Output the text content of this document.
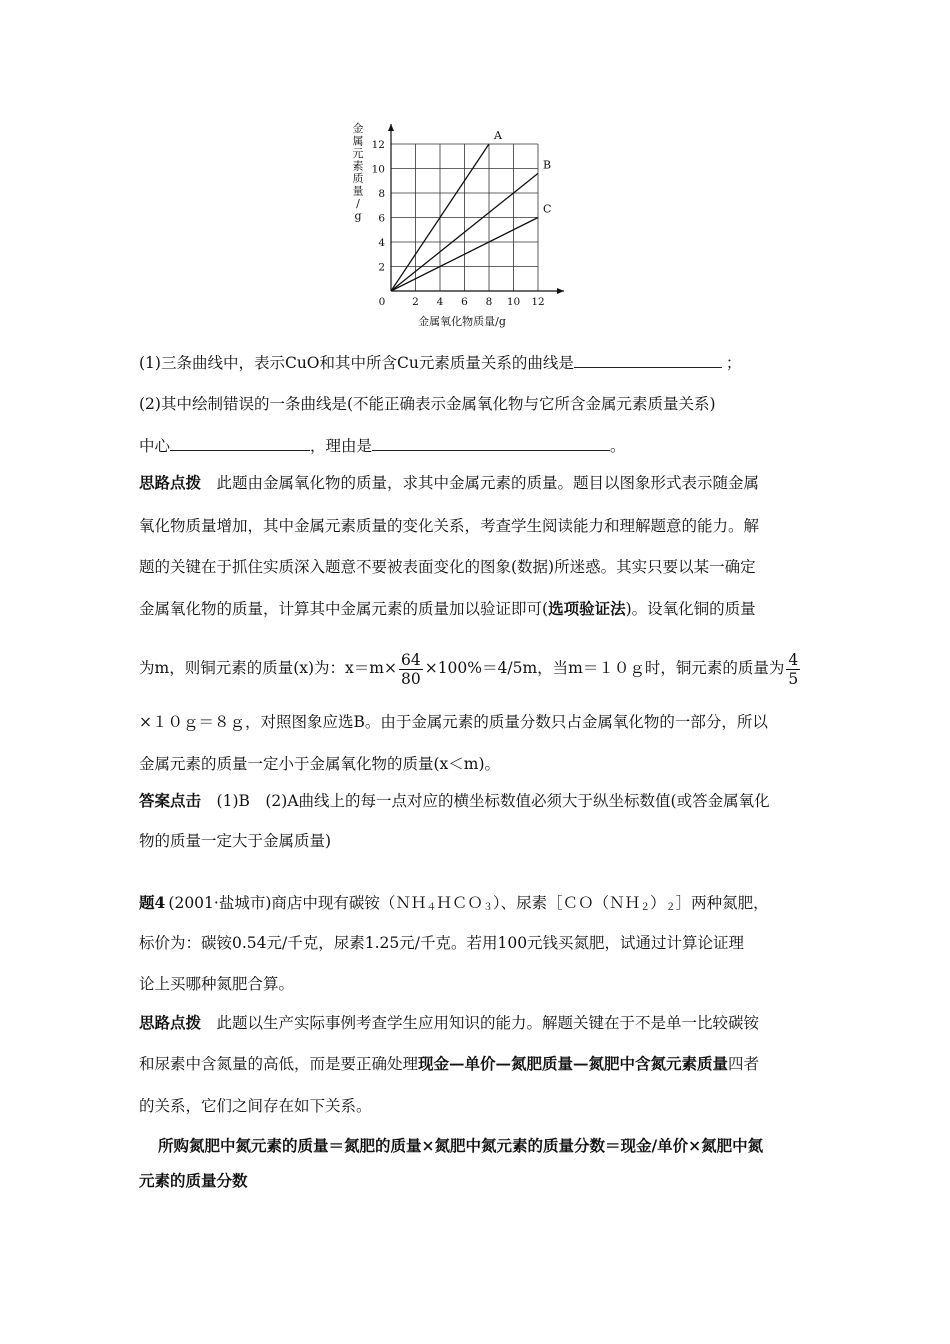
0	2 4 6 8 10 12
2
4
6
8
10
12
A
B
C
金
属
元
素
质
量
/
g
金属氧化物质量/g
(1)三条曲线中，表示CuO和其中所含Cu元素质量关系的曲线是	；
(2)其中绘制错误的一条曲线是(不能正确表示金属氧化物与它所含金属元素质量关系)
中心	，理由是	。
思路点拨　 此题由金属氧化物的质量，求其中金属元素的质量。题目以图象形式表示随金属
氧化物质量增加，其中金属元素质量的变化关系，考查学生阅读能力和理解题意的能力。解
题的关键在于抓住实质深入题意不要被表面变化的图象(数据)所迷惑。其实只要以某一确定
金属氧化物的质量，计算其中金属元素的质量加以验证即可(选项验证法)。设氧化铜的质量
为m，则铜元素的质量(x)为：$x=m\times \frac{64}{80} \times 100\%=4/5m$，当m＝１０ｇ时，铜元素的质量为 $\frac{4}{5}$
×１０ｇ＝８ｇ，对照图象应选B。由于金属元素的质量分数只占金属氧化物的一部分，所以
金属元素的质量一定小于金属氧化物的质量(x＜m)。
答案点击　 (1)B　(2)A曲线上的每一点对应的横坐标数值必须大于纵坐标数值(或答金属氧化
物的质量一定大于金属质量)
题4  (2001·盐城市)商店中现有碳铵（ＮＨ$_4$ＨＣＯ$_3$）、尿素$[CO(NH_2)_2]$两种氮肥，
标价为：碳铵0.54元/千克，尿素1.25元/千克。若用100元钱买氮肥，试通过计算论证理
论上买哪种氮肥合算。
思路点拨　 此题以生产实际事例考查学生应用知识的能力。解题关键在于不是单一比较碳铵
和尿素中含氮量的高低，而是要正确处理现金—单价—氮肥质量—氮肥中含氮元素质量四者
的关系，它们之间存在如下关系。
所购氮肥中氮元素的质量＝氮肥的质量×氮肥中氮元素的质量分数＝现金/单价×氮肥中氮
元素的质量分数
